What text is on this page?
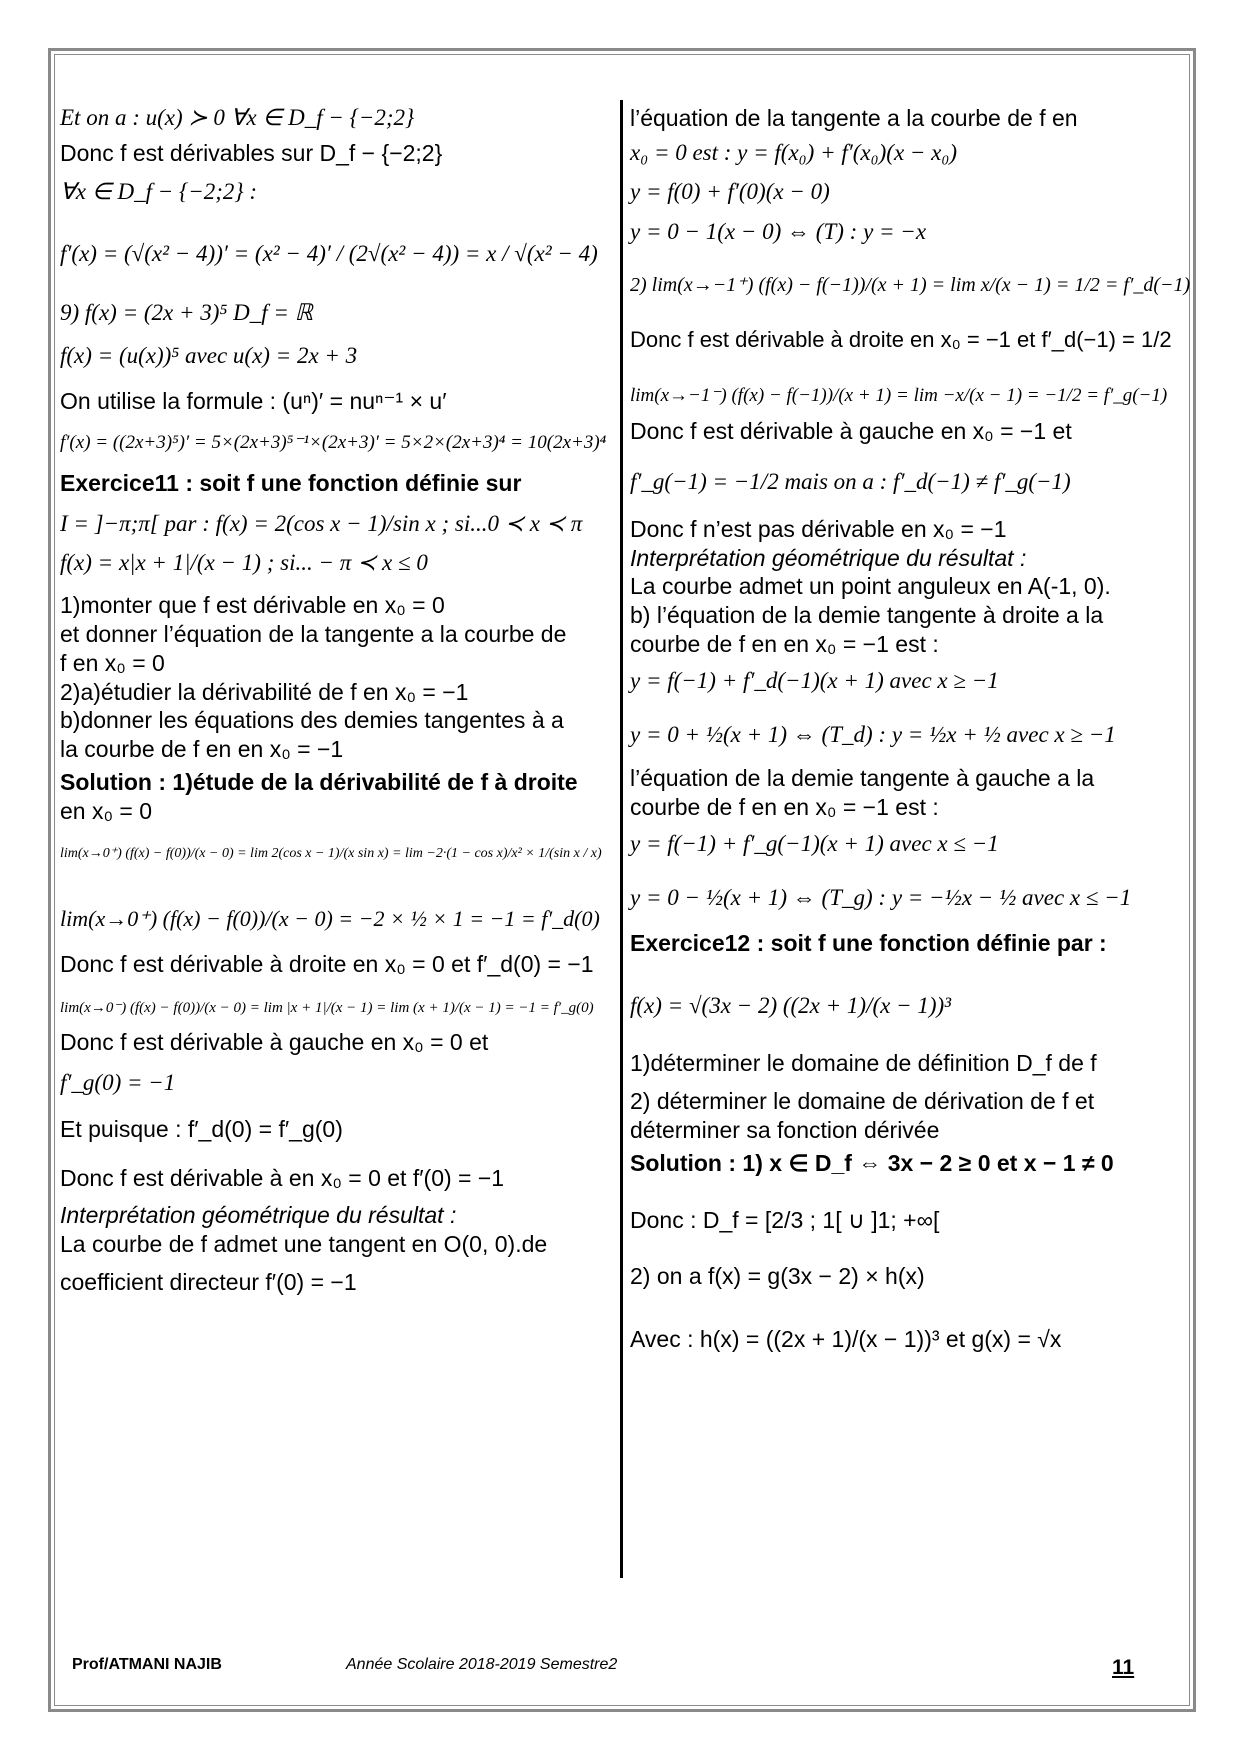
Et on a : u(x) ≻ 0 ∀x ∈ D_f − {−2;2}

Donc f est dérivables sur D_f − {−2;2}

∀x ∈ D_f − {−2;2} :

f′(x) = (√(x² − 4))′ = (x² − 4)′ / (2√(x² − 4)) = x / √(x² − 4)

9) f(x) = (2x + 3)⁵ D_f = ℝ

f(x) = (u(x))⁵ avec u(x) = 2x + 3

On utilise la formule : (uⁿ)′ = nuⁿ⁻¹ × u′

f′(x) = ((2x+3)⁵)′ = 5×(2x+3)⁵⁻¹×(2x+3)′ = 5×2×(2x+3)⁴ = 10(2x+3)⁴

Exercice11 : soit f une fonction définie sur

I = ]−π;π[ par : f(x) = 2(cos x − 1)/sin x ; si...0 ≺ x ≺ π

f(x) = x|x + 1|/(x − 1) ; si... − π ≺ x ≤ 0

1)monter que f est dérivable en x₀ = 0

et donner l’équation de la tangente a la courbe de

f en x₀ = 0

2)a)étudier la dérivabilité de f en x₀ = −1

b)donner les équations des demies tangentes à a

la courbe de f en en x₀ = −1

Solution : 1)étude de la dérivabilité de f à droite

en x₀ = 0

lim(x→0⁺) (f(x) − f(0))/(x − 0) = lim 2(cos x − 1)/(x sin x) = lim −2·(1 − cos x)/x² × 1/(sin x / x)

lim(x→0⁺) (f(x) − f(0))/(x − 0) = −2 × ½ × 1 = −1 = f′_d(0)

Donc f est dérivable à droite en x₀ = 0 et f′_d(0) = −1

lim(x→0⁻) (f(x) − f(0))/(x − 0) = lim |x + 1|/(x − 1) = lim (x + 1)/(x − 1) = −1 = f′_g(0)

Donc f est dérivable à gauche en x₀ = 0 et

f′_g(0) = −1

Et puisque : f′_d(0) = f′_g(0)

Donc f est dérivable à en x₀ = 0 et f′(0) = −1

Interprétation géométrique du résultat :

La courbe de f admet une tangent en O(0, 0).de

coefficient directeur f′(0) = −1

l’équation de la tangente a la courbe de f en

x₀ = 0 est : y = f(x₀) + f′(x₀)(x − x₀)

y = f(0) + f′(0)(x − 0)

y = 0 − 1(x − 0) ⇔ (T) : y = −x

2) lim(x→−1⁺) (f(x) − f(−1))/(x + 1) = lim x/(x − 1) = 1/2 = f′_d(−1)

Donc f est dérivable à droite en x₀ = −1 et f′_d(−1) = 1/2

lim(x→−1⁻) (f(x) − f(−1))/(x + 1) = lim −x/(x − 1) = −1/2 = f′_g(−1)

Donc f est dérivable à gauche en x₀ = −1 et

f′_g(−1) = −1/2 mais on a : f′_d(−1) ≠ f′_g(−1)

Donc f n’est pas dérivable en x₀ = −1

Interprétation géométrique du résultat :

La courbe admet un point anguleux en A(-1, 0).

b) l’équation de la demie tangente à droite a la

courbe de f en en x₀ = −1 est :

y = f(−1) + f′_d(−1)(x + 1) avec x ≥ −1

y = 0 + ½(x + 1) ⇔ (T_d) : y = ½x + ½ avec x ≥ −1

l’équation de la demie tangente à gauche a la

courbe de f en en x₀ = −1 est :

y = f(−1) + f′_g(−1)(x + 1) avec x ≤ −1

y = 0 − ½(x + 1) ⇔ (T_g) : y = −½x − ½ avec x ≤ −1

Exercice12 : soit f une fonction définie par :

f(x) = √(3x − 2) ((2x + 1)/(x − 1))³

1)déterminer le domaine de définition D_f de f

2) déterminer le domaine de dérivation de f et

déterminer sa fonction dérivée

Solution : 1) x ∈ D_f ⇔ 3x − 2 ≥ 0 et x − 1 ≠ 0

Donc : D_f = [2/3 ; 1[ ∪ ]1; +∞[

2) on a f(x) = g(3x − 2) × h(x)

Avec : h(x) = ((2x + 1)/(x − 1))³ et g(x) = √x

Prof/ATMANI NAJIB	Année Scolaire 2018-2019 Semestre2	11
